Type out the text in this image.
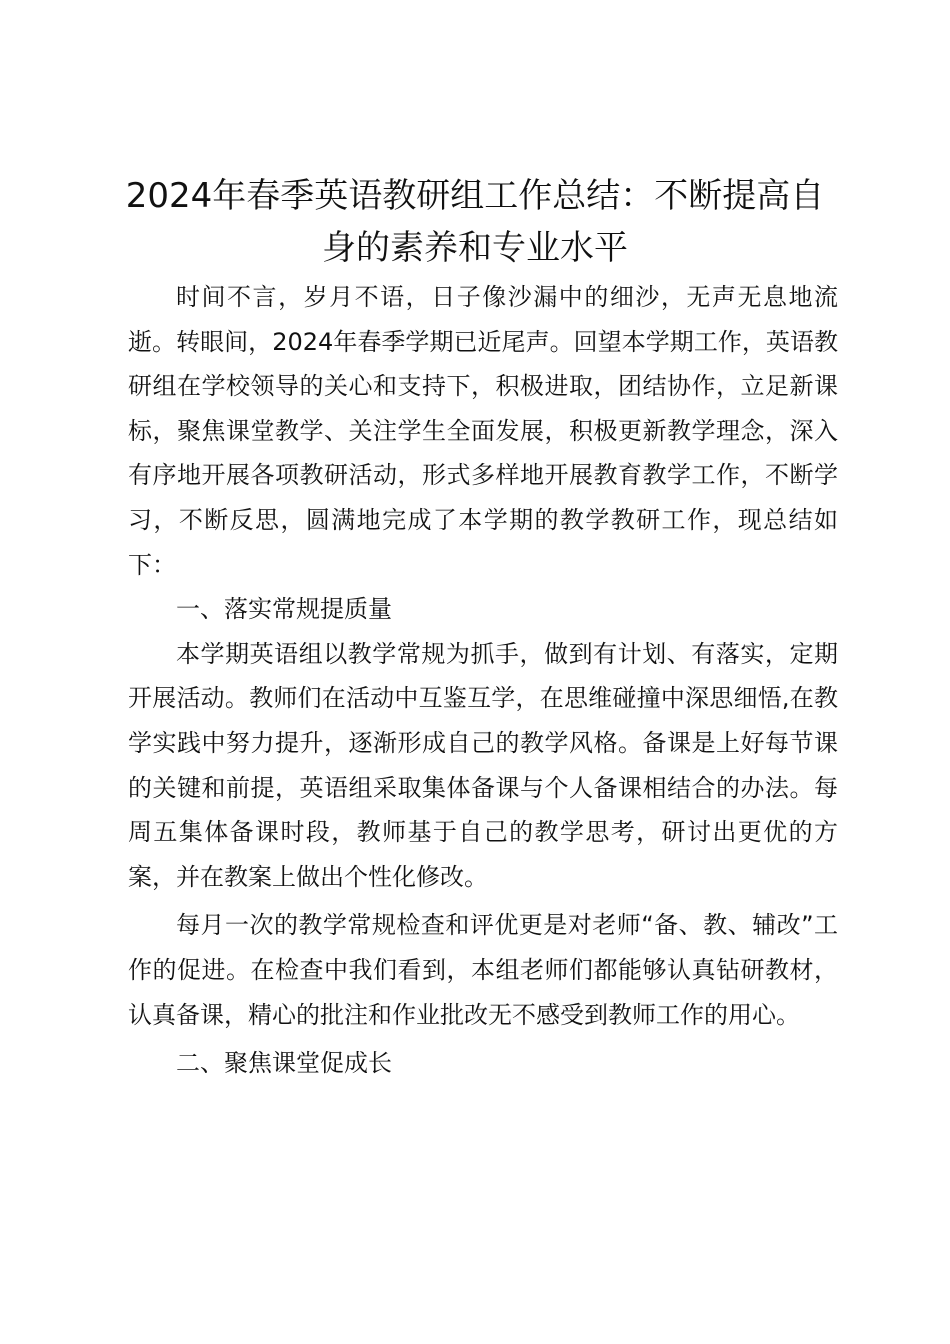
2024年春季英语教研组工作总结：不断提高自身的素养和专业水平

时间不言，岁月不语，日子像沙漏中的细沙，无声无息地流逝。转眼间，2024年春季学期已近尾声。回望本学期工作，英语教研组在学校领导的关心和支持下，积极进取，团结协作，立足新课标，聚焦课堂教学、关注学生全面发展，积极更新教学理念，深入有序地开展各项教研活动，形式多样地开展教育教学工作，不断学习，不断反思，圆满地完成了本学期的教学教研工作，现总结如下：

一、落实常规提质量

本学期英语组以教学常规为抓手，做到有计划、有落实，定期开展活动。教师们在活动中互鉴互学，在思维碰撞中深思细悟,在教学实践中努力提升，逐渐形成自己的教学风格。备课是上好每节课的关键和前提，英语组采取集体备课与个人备课相结合的办法。每周五集体备课时段，教师基于自己的教学思考，研讨出更优的方案，并在教案上做出个性化修改。

每月一次的教学常规检查和评优更是对老师“备、教、辅改”工作的促进。在检查中我们看到，本组老师们都能够认真钻研教材，认真备课，精心的批注和作业批改无不感受到教师工作的用心。

二、聚焦课堂促成长
